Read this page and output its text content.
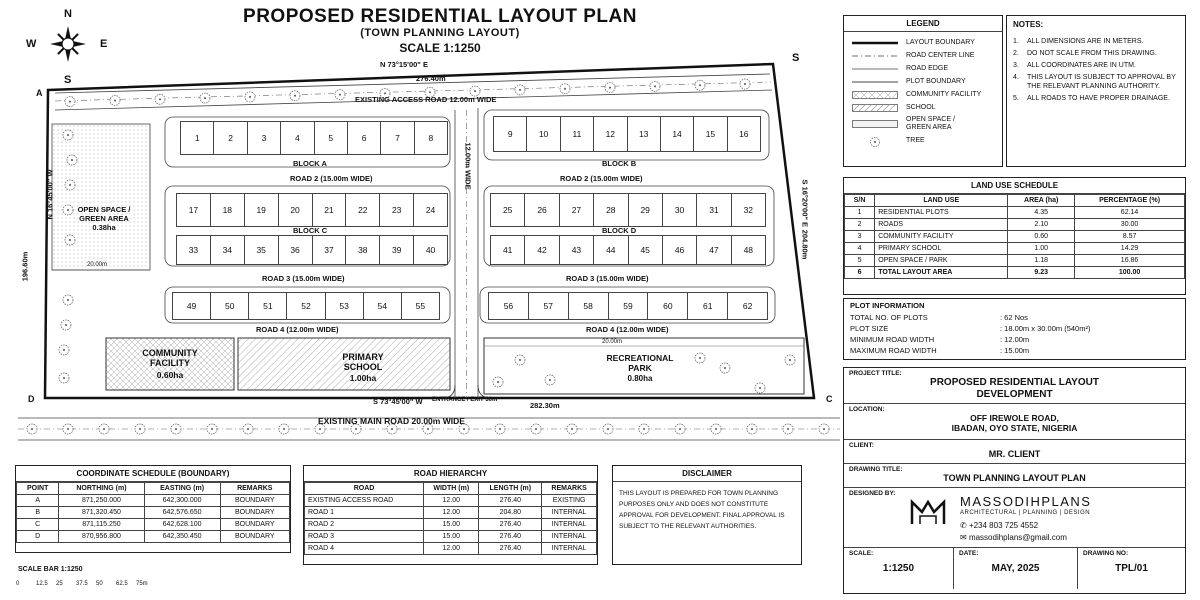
PROPOSED RESIDENTIAL LAYOUT PLAN
(TOWN PLANNING LAYOUT)
SCALE 1:1250
N
S
W	E
S
A
D	C
N 73°15'00" E
276.40m
EXISTING ACCESS ROAD 12.00m WIDE
N 16°45'00" W
196.60m
S 16°20'00" E
204.80m
S 73°45'00" W	282.30m
EXISTING MAIN ROAD 20.00m WIDE
12.00m WIDE
ENTRANCE / EXIT 30m
ROAD 2 (15.00m WIDE)	ROAD 2 (15.00m WIDE)
ROAD 3 (15.00m WIDE)	ROAD 3 (15.00m WIDE)
ROAD 4 (12.00m WIDE)	ROAD 4 (12.00m WIDE)
BLOCK A	BLOCK B
BLOCK C	BLOCK D
OPEN SPACE /
GREEN AREA
0.38ha
20.00m
COMMUNITY
FACILITY
0.60ha
PRIMARY
SCHOOL
1.00ha
RECREATIONAL
PARK
0.80ha
20.00m
1	2	3	4	5	6	7	8	9	10	11	12	13	14	15	16
17	18	19	20	21	22	23	24
33	34	35	36	37	38	39	40
25	26	27	28	29	30	31	32
41	42	43	44	45	46	47	48
49	50	51	52	53	54	55	56	57	58	59	60	61	62
COORDINATE SCHEDULE (BOUNDARY)
POINT	NORTHING (m)	EASTING (m)	REMARKS
A	871,250.000	642,300.000	BOUNDARY
B	871,320.450	642,576.650	BOUNDARY
C	871,115.250	642,628.100	BOUNDARY
D	870,956.800	642,350.450	BOUNDARY
ROAD HIERARCHY
ROAD	WIDTH (m)	LENGTH (m)	REMARKS
EXISTING ACCESS ROAD	12.00	276.40	EXISTING
ROAD 1	12.00	204.80	INTERNAL
ROAD 2	15.00	276.40	INTERNAL
ROAD 3	15.00	276.40	INTERNAL
ROAD 4	12.00	276.40	INTERNAL
DISCLAIMER
THIS LAYOUT IS PREPARED FOR TOWN PLANNING PURPOSES ONLY AND DOES NOT CONSTITUTE APPROVAL FOR DEVELOPMENT. FINAL APPROVAL IS SUBJECT TO THE RELEVANT AUTHORITIES.
SCALE BAR 1:1250
0	12.5 25 37.5 50 62.5 75m
LEGEND
LAYOUT BOUNDARY
ROAD CENTER LINE
ROAD EDGE
PLOT BOUNDARY
COMMUNITY FACILITY
SCHOOL
OPEN SPACE /
GREEN AREA
TREE
NOTES:
1.	ALL DIMENSIONS ARE IN METERS.
2.	DO NOT SCALE FROM THIS DRAWING.
3.	ALL COORDINATES ARE IN UTM.
4.	THIS LAYOUT IS SUBJECT TO APPROVAL BY THE RELEVANT PLANNING AUTHORITY.
5.	ALL ROADS TO HAVE PROPER DRAINAGE.
LAND USE SCHEDULE
S/N	LAND USE	AREA (ha)	PERCENTAGE (%)
1	RESIDENTIAL PLOTS	4.35	62.14
2	ROADS	2.10	30.00
3	COMMUNITY FACILITY	0.60	8.57
4	PRIMARY SCHOOL	1.00	14.29
5	OPEN SPACE / PARK	1.18	16.86
6	TOTAL LAYOUT AREA	9.23	100.00
PLOT INFORMATION
TOTAL NO. OF PLOTS	: 62 Nos
PLOT SIZE	: 18.00m x 30.00m (540m²)
MINIMUM ROAD WIDTH	: 12.00m
MAXIMUM ROAD WIDTH	: 15.00m
PROJECT TITLE:
PROPOSED RESIDENTIAL LAYOUT
DEVELOPMENT
LOCATION:
OFF IREWOLE ROAD,
IBADAN, OYO STATE, NIGERIA
CLIENT:
MR. CLIENT
DRAWING TITLE:
TOWN PLANNING LAYOUT PLAN
DESIGNED BY:
MASSODIHPLANS
ARCHITECTURAL | PLANNING | DESIGN
✆ +234 803 725 4552
✉ massodihplans@gmail.com
SCALE:
1:1250
DATE:
MAY, 2025
DRAWING NO:
TPL/01
